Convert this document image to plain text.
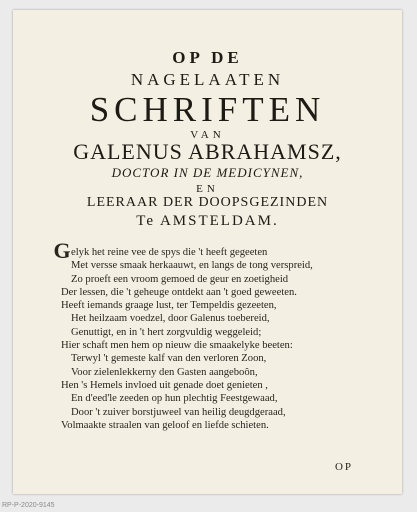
OP DE
NAGELAATEN
SCHRIFTEN
VAN
GALENUS ABRAHAMSZ,
DOCTOR IN DE MEDICYNEN,
EN
LEERAAR DER DOOPSGEZINDEN
Te AMSTELDAM.
G elyk het reine vee de spys die 't heeft gegeeten
Met versse smaak herkaauwt, en langs de tong verspreid,
Zo proeft een vroom gemoed de geur en zoetigheid
Der lessen, die 't geheuge ontdekt aan 't goed geweeten.
Heeft iemands graage lust, ter Tempeldis gezeeten,
Het heilzaam voedzel, door Galenus toebereid,
Genuttigt, en in 't hert zorgvuldig weggeleid;
Hier schaft men hem op nieuw die smaakelyke beeten:
Terwyl 't gemeste kalf van den verloren Zoon,
Voor zielenlekkerny den Gasten aangeboôn,
Hen 's Hemels invloed uit genade doet genieten ,
En d'eed'le zeeden op hun plechtig Feestgewaad,
Door 't zuiver borstjuweel van heilig deugdgeraad,
Volmaakte straalen van geloof en liefde schieten.
OP
RP-P-2020-9145
